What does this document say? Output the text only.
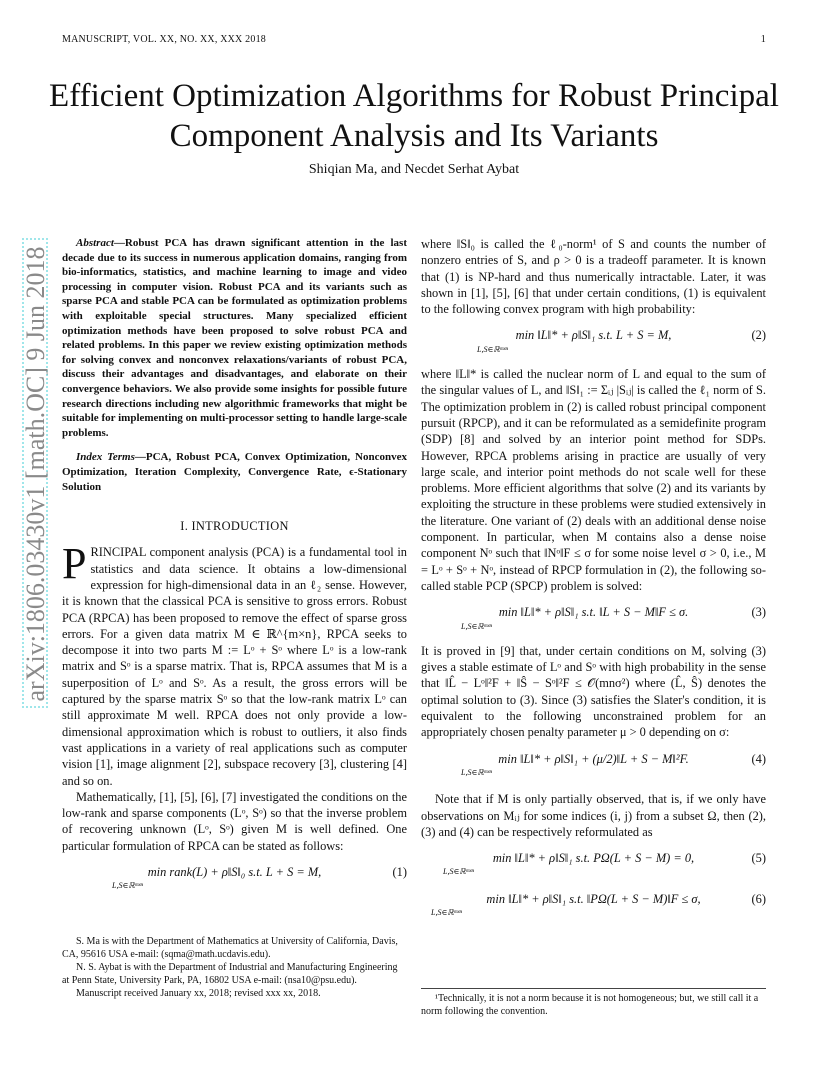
MANUSCRIPT, VOL. XX, NO. XX, XXX 2018	1
arXiv:1806.03430v1 [math.OC] 9 Jun 2018
Efficient Optimization Algorithms for Robust Principal Component Analysis and Its Variants
Shiqian Ma, and Necdet Serhat Aybat

Abstract—Robust PCA has drawn significant attention in the last decade due to its success in numerous application domains, ranging from bio-informatics, statistics, and machine learning to image and video processing in computer vision. Robust PCA and its variants such as sparse PCA and stable PCA can be formulated as optimization problems with exploitable special structures. Many specialized efficient optimization methods have been proposed to solve robust PCA and related problems. In this paper we review existing optimization methods for solving convex and nonconvex relaxations/variants of robust PCA, discuss their advantages and disadvantages, and elaborate on their convergence behaviors. We also provide some insights for possible future research directions including new algorithmic frameworks that might be suitable for implementing on multi-processor setting to handle large-scale problems.

Index Terms—PCA, Robust PCA, Convex Optimization, Nonconvex Optimization, Iteration Complexity, Convergence Rate, ϵ-Stationary Solution

I. INTRODUCTION

PRINCIPAL component analysis (PCA) is a fundamental tool in statistics and data science. It obtains a low-dimensional expression for high-dimensional data in an ℓ₂ sense. However, it is known that the classical PCA is sensitive to gross errors. Robust PCA (RPCA) has been proposed to remove the effect of sparse gross errors. For a given data matrix M ∈ ℝ^{m×n}, RPCA seeks to decompose it into two parts M := Lᵒ + Sᵒ where Lᵒ is a low-rank matrix and Sᵒ is a sparse matrix. That is, RPCA assumes that M is a superposition of Lᵒ and Sᵒ. As a result, the gross errors will be captured by the sparse matrix Sᵒ so that the low-rank matrix Lᵒ can still approximate M well. RPCA does not only provide a low-dimensional approximation which is robust to outliers, it also finds vast applications in a variety of real applications such as computer vision [1], image alignment [2], subspace recovery [3], clustering [4] and so on.

Mathematically, [1], [5], [6], [7] investigated the conditions on the low-rank and sparse components (Lᵒ, Sᵒ) so that the inverse problem of recovering unknown (Lᵒ, Sᵒ) given M is well defined. One particular formulation of RPCA can be stated as follows:

min rank(L) + ρ‖S‖₀ s.t. L + S = M,	(1)
L,S∈ℝᵐˣⁿ

S. Ma is with the Department of Mathematics at University of California, Davis, CA, 95616 USA e-mail: (sqma@math.ucdavis.edu).

N. S. Aybat is with the Department of Industrial and Manufacturing Engineering at Penn State, University Park, PA, 16802 USA e-mail: (nsa10@psu.edu).

Manuscript received January xx, 2018; revised xxx xx, 2018.

where ‖S‖₀ is called the ℓ₀-norm¹ of S and counts the number of nonzero entries of S, and ρ > 0 is a tradeoff parameter. It is known that (1) is NP-hard and thus numerically intractable. Later, it was shown in [1], [5], [6] that under certain conditions, (1) is equivalent to the following convex program with high probability:

min ‖L‖* + ρ‖S‖₁ s.t. L + S = M,	(2)
L,S∈ℝᵐˣⁿ

where ‖L‖* is called the nuclear norm of L and equal to the sum of the singular values of L, and ‖S‖₁ := Σᵢⱼ |Sᵢⱼ| is called the ℓ₁ norm of S. The optimization problem in (2) is called robust principal component pursuit (RPCP), and it can be reformulated as a semidefinite program (SDP) [8] and solved by an interior point method for SDPs. However, RPCA problems arising in practice are usually of very large scale, and interior point methods do not scale well for these problems. More efficient algorithms that solve (2) and its variants by exploiting the structure in these problems were studied extensively in the literature. One variant of (2) deals with an additional dense noise component. In particular, when M contains also a dense noise component Nᵒ such that ‖Nᵒ‖F ≤ σ for some noise level σ > 0, i.e., M = Lᵒ + Sᵒ + Nᵒ, instead of RPCP formulation in (2), the following so-called stable PCP (SPCP) problem is solved:

min ‖L‖* + ρ‖S‖₁ s.t. ‖L + S − M‖F ≤ σ.	(3)
L,S∈ℝᵐˣⁿ

It is proved in [9] that, under certain conditions on M, solving (3) gives a stable estimate of Lᵒ and Sᵒ with high probability in the sense that ‖L̂ − Lᵒ‖²F + ‖Ŝ − Sᵒ‖²F ≤ 𝒪(mnσ²) where (L̂, Ŝ) denotes the optimal solution to (3). Since (3) satisfies the Slater's condition, it is equivalent to the following unconstrained problem for an appropriately chosen penalty parameter μ > 0 depending on σ:

min ‖L‖* + ρ‖S‖₁ + (μ/2)‖L + S − M‖²F.	(4)
L,S∈ℝᵐˣⁿ

Note that if M is only partially observed, that is, if we only have observations on Mᵢⱼ for some indices (i, j) from a subset Ω, then (2), (3) and (4) can be respectively reformulated as

min ‖L‖* + ρ‖S‖₁ s.t. PΩ(L + S − M) = 0,	(5)
L,S∈ℝᵐˣⁿ
min ‖L‖* + ρ‖S‖₁ s.t. ‖PΩ(L + S − M)‖F ≤ σ,	(6)
L,S∈ℝᵐˣⁿ

¹Technically, it is not a norm because it is not homogeneous; but, we still call it a norm following the convention.
